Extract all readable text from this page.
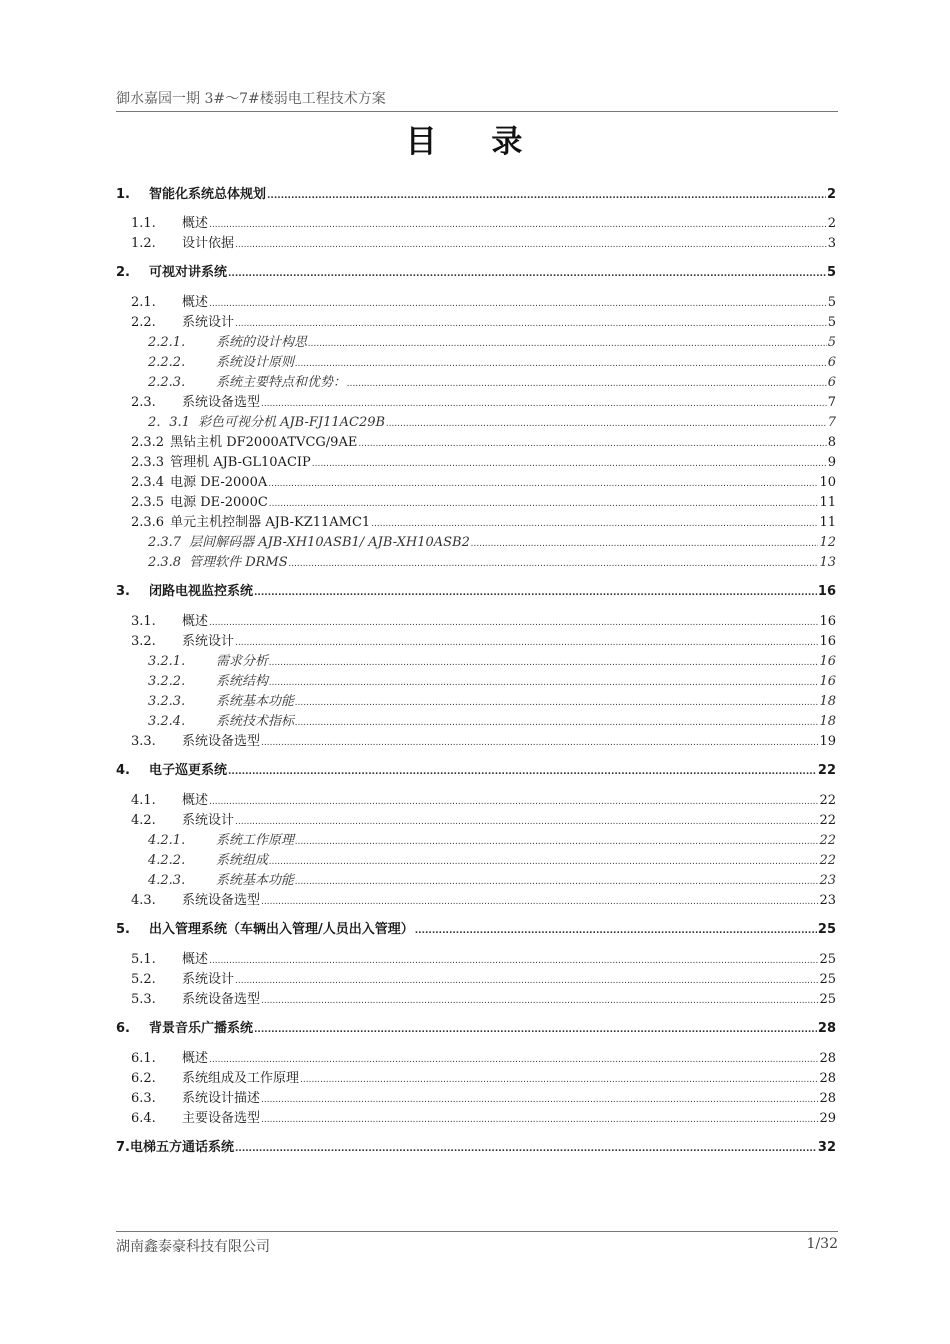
御水嘉园一期 3#～7#楼弱电工程技术方案
目 录
1.	智能化系统总体规划 .....	2
1.1.	概述 .....	2
1.2.	设计依据 .....	3
2.	可视对讲系统 .....	5
2.1.	概述 .....	5
2.2.	系统设计 .....	5
2.2.1.	系统的设计构思 .....	5
2.2.2.	系统设计原则 .....	6
2.2.3.	系统主要特点和优势： .....	6
2.3.	系统设备选型 .....	7
2．3.1 彩色可视分机 AJB-FJ11AC29B .....	7
2.3.2 黑钻主机 DF2000ATVCG/9AE .....	8
2.3.3 管理机 AJB-GL10ACIP .....	9
2.3.4 电源 DE-2000A .....	10
2.3.5 电源 DE-2000C .....	11
2.3.6 单元主机控制器 AJB-KZ11AMC1 .....	11
2.3.7 层间解码器 AJB-XH10ASB1/ AJB-XH10ASB2 .....	12
2.3.8 管理软件 DRMS .....	13
3.	闭路电视监控系统 .....	16
3.1.	概述 .....	16
3.2.	系统设计 .....	16
3.2.1.	需求分析 .....	16
3.2.2.	系统结构 .....	16
3.2.3.	系统基本功能 .....	18
3.2.4.	系统技术指标 .....	18
3.3.	系统设备选型 .....	19
4.	电子巡更系统 .....	22
4.1.	概述 .....	22
4.2.	系统设计 .....	22
4.2.1.	系统工作原理 .....	22
4.2.2.	系统组成 .....	22
4.2.3.	系统基本功能 .....	23
4.3.	系统设备选型 .....	23
5.	出入管理系统（车辆出入管理/人员出入管理） .....	25
5.1.	概述 .....	25
5.2.	系统设计 .....	25
5.3.	系统设备选型 .....	25
6.	背景音乐广播系统 .....	28
6.1.	概述 .....	28
6.2.	系统组成及工作原理 .....	28
6.3.	系统设计描述 .....	28
6.4.	主要设备选型 .....	29
7. 电梯五方通话系统 .....	32
湖南鑫泰豪科技有限公司	1/32
